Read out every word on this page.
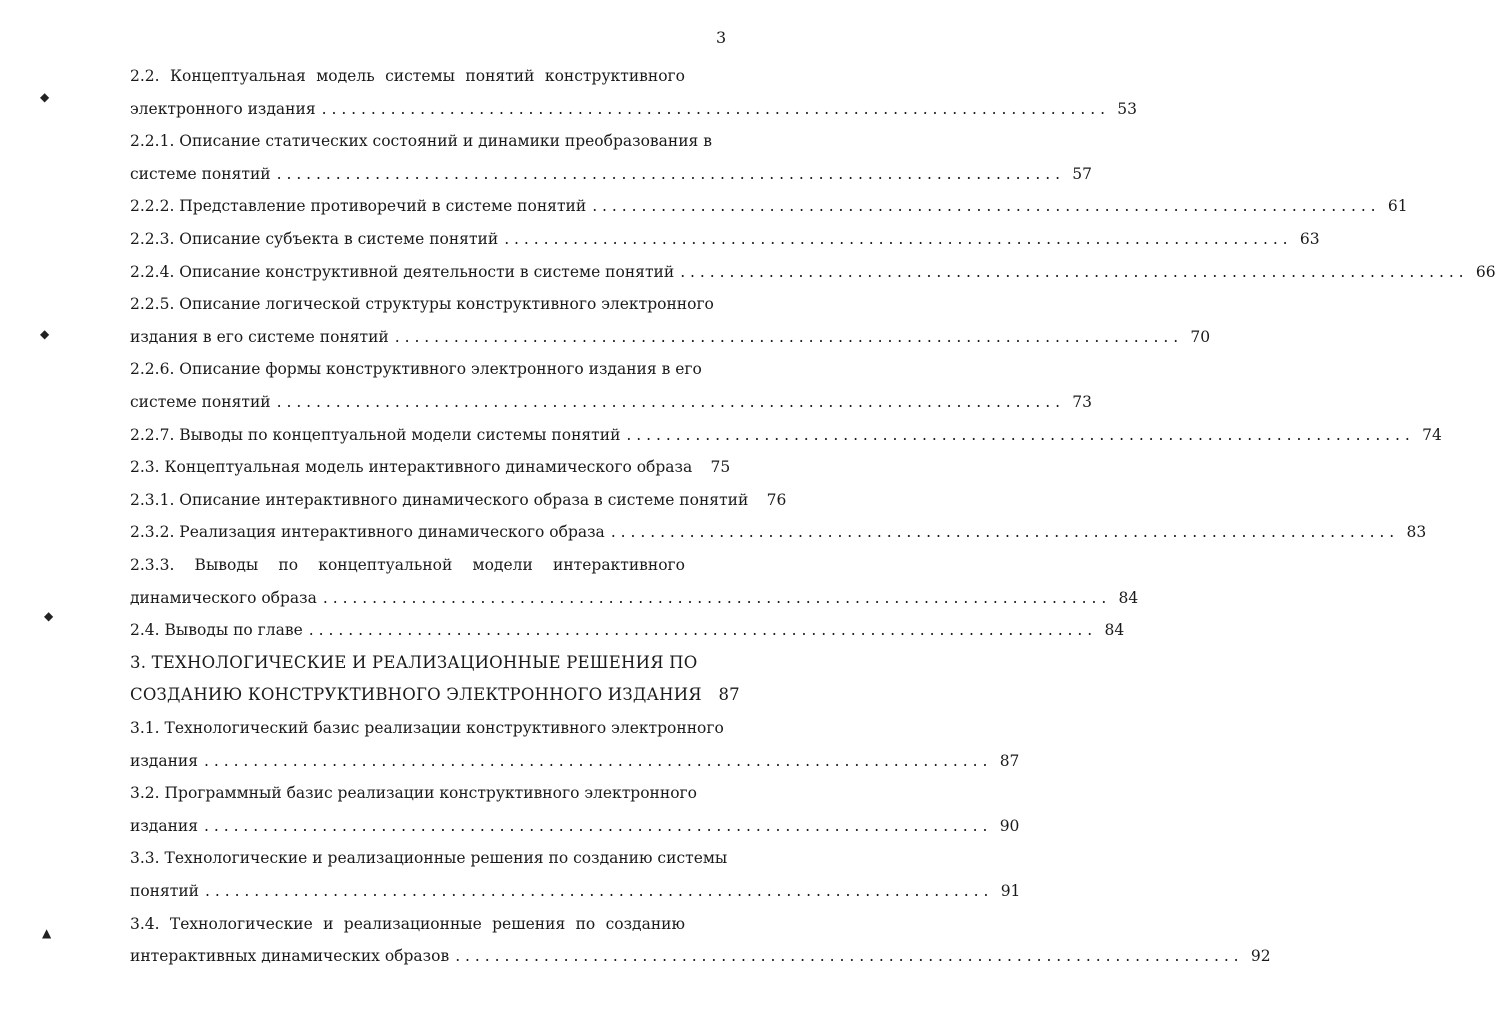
3
◆
◆
◆
▲
2.2. Концептуальная модель системы понятий конструктивного
электронного издания . . . . . . . . . . . . . . . . . . . . . . . . . . . . . . . . . . . . . . . . . . . . . . . . . . . . . . . . . . . . . . . . . . . . . . . . . . . . . . . . 53
2.2.1. Описание статических состояний и динамики преобразования в
системе понятий . . . . . . . . . . . . . . . . . . . . . . . . . . . . . . . . . . . . . . . . . . . . . . . . . . . . . . . . . . . . . . . . . . . . . . . . . . . . . . . . 57
2.2.2. Представление противоречий в системе понятий . . . . . . . . . . . . . . . . . . . . . . . . . . . . . . . . . . . . . . . . . . . . . . . . . . . . . . . . . . . . . . . . . . . . . . . . . . . . . . . . 61
2.2.3. Описание субъекта в системе понятий . . . . . . . . . . . . . . . . . . . . . . . . . . . . . . . . . . . . . . . . . . . . . . . . . . . . . . . . . . . . . . . . . . . . . . . . . . . . . . . . 63
2.2.4. Описание конструктивной деятельности в системе понятий . . . . . . . . . . . . . . . . . . . . . . . . . . . . . . . . . . . . . . . . . . . . . . . . . . . . . . . . . . . . . . . . . . . . . . . . . . . . . . . . 66
2.2.5. Описание логической структуры конструктивного электронного
издания в его системе понятий . . . . . . . . . . . . . . . . . . . . . . . . . . . . . . . . . . . . . . . . . . . . . . . . . . . . . . . . . . . . . . . . . . . . . . . . . . . . . . . . 70
2.2.6. Описание формы конструктивного электронного издания в его
системе понятий . . . . . . . . . . . . . . . . . . . . . . . . . . . . . . . . . . . . . . . . . . . . . . . . . . . . . . . . . . . . . . . . . . . . . . . . . . . . . . . . 73
2.2.7. Выводы по концептуальной модели системы понятий . . . . . . . . . . . . . . . . . . . . . . . . . . . . . . . . . . . . . . . . . . . . . . . . . . . . . . . . . . . . . . . . . . . . . . . . . . . . . . . . 74
2.3. Концептуальная модель интерактивного динамического образа 75
2.3.1. Описание интерактивного динамического образа в системе понятий 76
2.3.2. Реализация интерактивного динамического образа . . . . . . . . . . . . . . . . . . . . . . . . . . . . . . . . . . . . . . . . . . . . . . . . . . . . . . . . . . . . . . . . . . . . . . . . . . . . . . . . 83
2.3.3. Выводы по концептуальной модели интерактивного
динамического образа . . . . . . . . . . . . . . . . . . . . . . . . . . . . . . . . . . . . . . . . . . . . . . . . . . . . . . . . . . . . . . . . . . . . . . . . . . . . . . . . 84
2.4. Выводы по главе . . . . . . . . . . . . . . . . . . . . . . . . . . . . . . . . . . . . . . . . . . . . . . . . . . . . . . . . . . . . . . . . . . . . . . . . . . . . . . . . 84
3. ТЕХНОЛОГИЧЕСКИЕ И РЕАЛИЗАЦИОННЫЕ РЕШЕНИЯ ПО
СОЗДАНИЮ КОНСТРУКТИВНОГО ЭЛЕКТРОННОГО ИЗДАНИЯ 87
3.1. Технологический базис реализации конструктивного электронного
издания . . . . . . . . . . . . . . . . . . . . . . . . . . . . . . . . . . . . . . . . . . . . . . . . . . . . . . . . . . . . . . . . . . . . . . . . . . . . . . . . 87
3.2. Программный базис реализации конструктивного электронного
издания . . . . . . . . . . . . . . . . . . . . . . . . . . . . . . . . . . . . . . . . . . . . . . . . . . . . . . . . . . . . . . . . . . . . . . . . . . . . . . . . 90
3.3. Технологические и реализационные решения по созданию системы
понятий . . . . . . . . . . . . . . . . . . . . . . . . . . . . . . . . . . . . . . . . . . . . . . . . . . . . . . . . . . . . . . . . . . . . . . . . . . . . . . . . 91
3.4. Технологические и реализационные решения по созданию
интерактивных динамических образов . . . . . . . . . . . . . . . . . . . . . . . . . . . . . . . . . . . . . . . . . . . . . . . . . . . . . . . . . . . . . . . . . . . . . . . . . . . . . . . . 92
